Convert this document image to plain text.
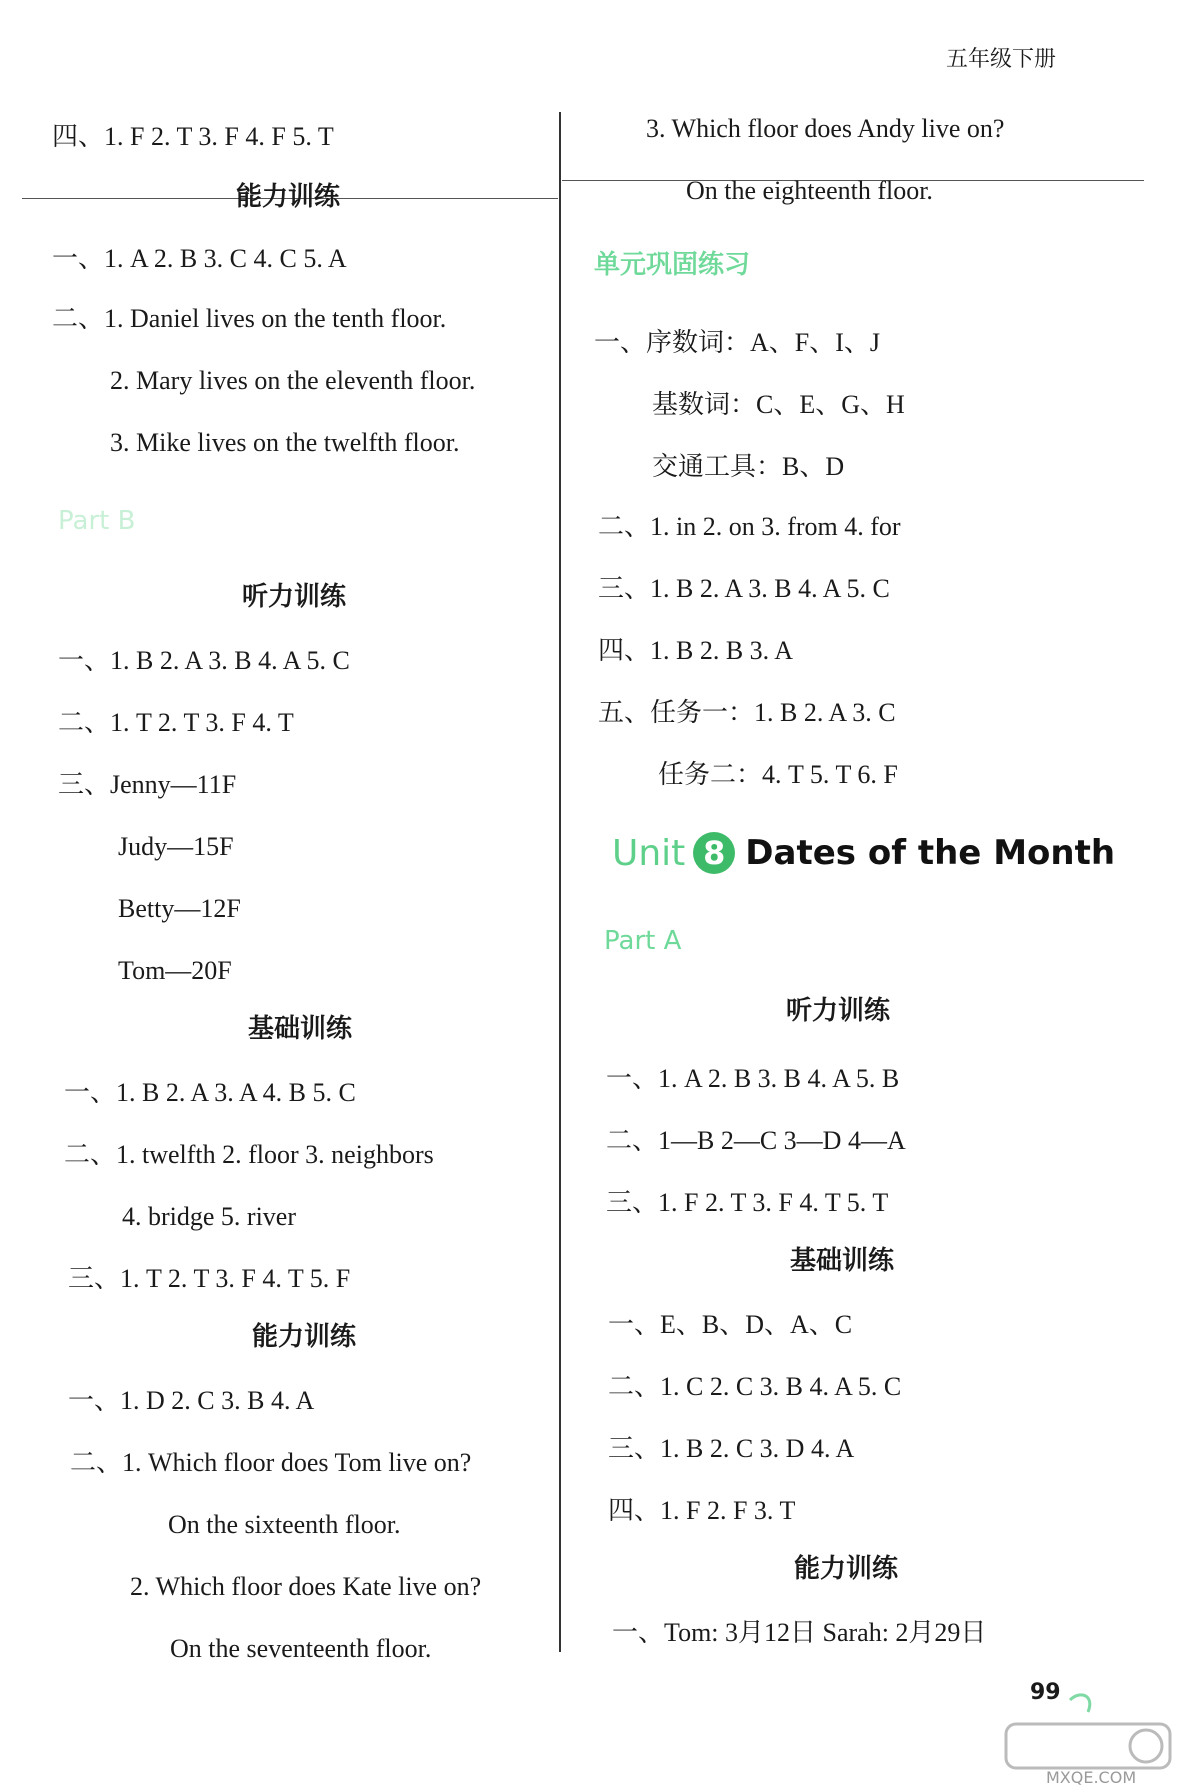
五年级下册
四、1. F 2. T 3. F 4. F 5. T
能力训练
一、1. A 2. B 3. C 4. C 5. A
二、1. Daniel lives on the tenth floor.
2. Mary lives on the eleventh floor.
3. Mike lives on the twelfth floor.
Part B
听力训练
一、1. B 2. A 3. B 4. A 5. C
二、1. T 2. T 3. F 4. T
三、Jenny—11F
Judy—15F
Betty—12F
Tom—20F
基础训练
一、1. B 2. A 3. A 4. B 5. C
二、1. twelfth 2. floor 3. neighbors
4. bridge 5. river
三、1. T 2. T 3. F 4. T 5. F
能力训练
一、1. D 2. C 3. B 4. A
二、1. Which floor does Tom live on?
On the sixteenth floor.
2. Which floor does Kate live on?
On the seventeenth floor.
3. Which floor does Andy live on?
On the eighteenth floor.
单元巩固练习
一、序数词：A、F、I、J
基数词：C、E、G、H
交通工具：B、D
二、1. in 2. on 3. from 4. for
三、1. B 2. A 3. B 4. A 5. C
四、1. B 2. B 3. A
五、任务一：1. B 2. A 3. C
任务二：4. T 5. T 6. F
Unit 8 Dates of the Month
Part A
听力训练
一、1. A 2. B 3. B 4. A 5. B
二、1—B 2—C 3—D 4—A
三、1. F 2. T 3. F 4. T 5. T
基础训练
一、E、B、D、A、C
二、1. C 2. C 3. B 4. A 5. C
三、1. B 2. C 3. D 4. A
四、1. F 2. F 3. T
能力训练
一、Tom: 3月12日 Sarah: 2月29日
99
MXQE.COM
